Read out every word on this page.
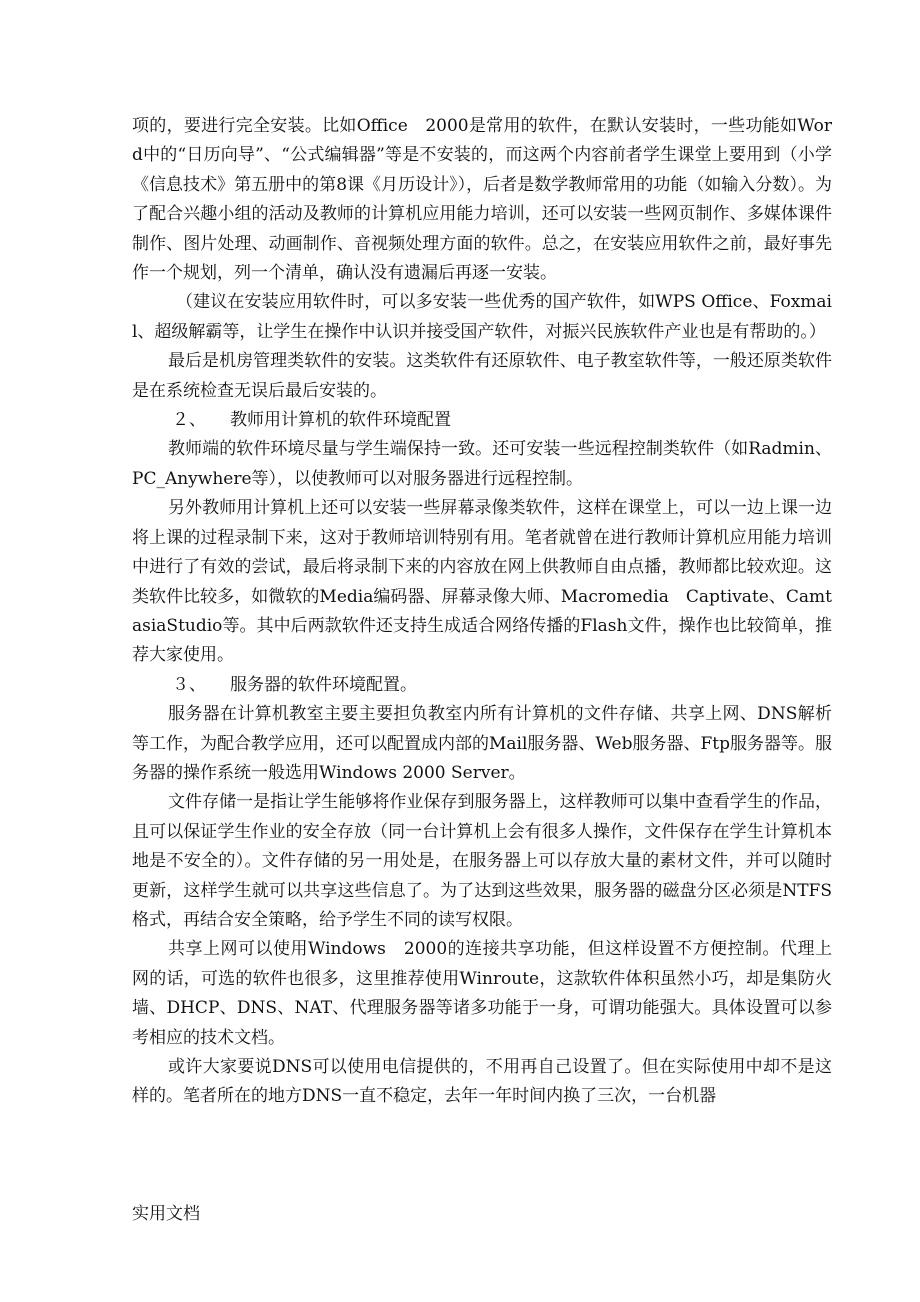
项的，要进行完全安装。比如Office　2000是常用的软件，在默认安装时，一些功能如Word中的“日历向导”、“公式编辑器”等是不安装的，而这两个内容前者学生课堂上要用到（小学《信息技术》第五册中的第8课《月历设计》），后者是数学教师常用的功能（如输入分数）。为了配合兴趣小组的活动及教师的计算机应用能力培训，还可以安装一些网页制作、多媒体课件制作、图片处理、动画制作、音视频处理方面的软件。总之，在安装应用软件之前，最好事先作一个规划，列一个清单，确认没有遗漏后再逐一安装。

（建议在安装应用软件时，可以多安装一些优秀的国产软件，如WPS Office、Foxmail、超级解霸等，让学生在操作中认识并接受国产软件，对振兴民族软件产业也是有帮助的。）

最后是机房管理类软件的安装。这类软件有还原软件、电子教室软件等，一般还原类软件是在系统检查无误后最后安装的。

２、 教师用计算机的软件环境配置

教师端的软件环境尽量与学生端保持一致。还可安装一些远程控制类软件（如Radmin、PC_Anywhere等），以使教师可以对服务器进行远程控制。

另外教师用计算机上还可以安装一些屏幕录像类软件，这样在课堂上，可以一边上课一边将上课的过程录制下来，这对于教师培训特别有用。笔者就曾在进行教师计算机应用能力培训中进行了有效的尝试，最后将录制下来的内容放在网上供教师自由点播，教师都比较欢迎。这类软件比较多，如微软的Media编码器、屏幕录像大师、Macromedia　Captivate、CamtasiaStudio等。其中后两款软件还支持生成适合网络传播的Flash文件，操作也比较简单，推荐大家使用。

３、 服务器的软件环境配置。

服务器在计算机教室主要主要担负教室内所有计算机的文件存储、共享上网、DNS解析等工作，为配合教学应用，还可以配置成内部的Mail服务器、Web服务器、Ftp服务器等。服务器的操作系统一般选用Windows 2000 Server。

文件存储一是指让学生能够将作业保存到服务器上，这样教师可以集中查看学生的作品，且可以保证学生作业的安全存放（同一台计算机上会有很多人操作，文件保存在学生计算机本地是不安全的）。文件存储的另一用处是，在服务器上可以存放大量的素材文件，并可以随时更新，这样学生就可以共享这些信息了。为了达到这些效果，服务器的磁盘分区必须是NTFS格式，再结合安全策略，给予学生不同的读写权限。

共享上网可以使用Windows　2000的连接共享功能，但这样设置不方便控制。代理上网的话，可选的软件也很多，这里推荐使用Winroute，这款软件体积虽然小巧，却是集防火墙、DHCP、DNS、NAT、代理服务器等诸多功能于一身，可谓功能强大。具体设置可以参考相应的技术文档。

或许大家要说DNS可以使用电信提供的，不用再自己设置了。但在实际使用中却不是这样的。笔者所在的地方DNS一直不稳定，去年一年时间内换了三次，一台机器

实用文档
